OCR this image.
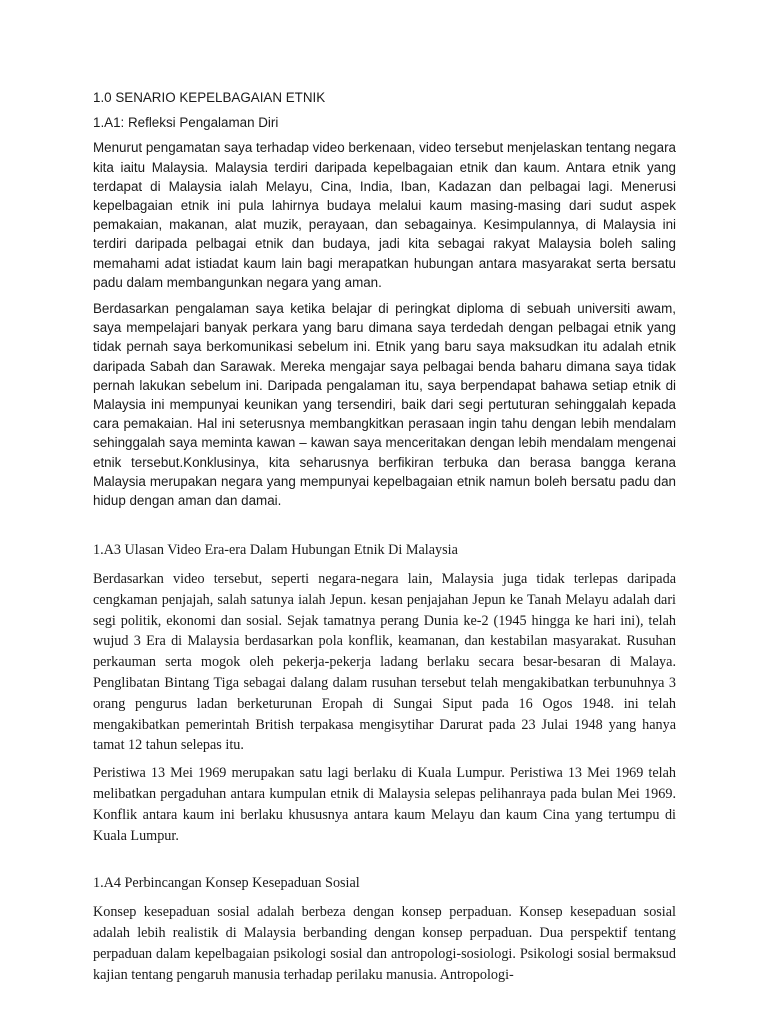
1.0 SENARIO KEPELBAGAIAN ETNIK

1.A1: Refleksi Pengalaman Diri

Menurut pengamatan saya terhadap video berkenaan, video tersebut menjelaskan tentang negara kita iaitu Malaysia. Malaysia terdiri daripada kepelbagaian etnik dan kaum. Antara etnik yang terdapat di Malaysia ialah Melayu, Cina, India, Iban, Kadazan dan pelbagai lagi. Menerusi kepelbagaian etnik ini pula lahirnya budaya melalui kaum masing-masing dari sudut aspek pemakaian, makanan, alat muzik, perayaan, dan sebagainya. Kesimpulannya, di Malaysia ini terdiri daripada pelbagai etnik dan budaya, jadi kita sebagai rakyat Malaysia boleh saling memahami adat istiadat kaum lain bagi merapatkan hubungan antara masyarakat serta bersatu padu dalam membangunkan negara yang aman.

Berdasarkan pengalaman saya ketika belajar di peringkat diploma di sebuah universiti awam, saya mempelajari banyak perkara yang baru dimana saya terdedah dengan pelbagai etnik yang tidak pernah saya berkomunikasi sebelum ini. Etnik yang baru saya maksudkan itu adalah etnik daripada Sabah dan Sarawak. Mereka mengajar saya pelbagai benda baharu dimana saya tidak pernah lakukan sebelum ini. Daripada pengalaman itu, saya berpendapat bahawa setiap etnik di Malaysia ini mempunyai keunikan yang tersendiri, baik dari segi pertuturan sehinggalah kepada cara pemakaian. Hal ini seterusnya membangkitkan perasaan ingin tahu dengan lebih mendalam sehinggalah saya meminta kawan – kawan saya menceritakan dengan lebih mendalam mengenai etnik tersebut.Konklusinya, kita seharusnya berfikiran terbuka dan berasa bangga kerana Malaysia merupakan negara yang mempunyai kepelbagaian etnik namun boleh bersatu padu dan hidup dengan aman dan damai.

1.A3 Ulasan Video Era-era Dalam Hubungan Etnik Di Malaysia

Berdasarkan video tersebut, seperti negara-negara lain, Malaysia juga tidak terlepas daripada cengkaman penjajah, salah satunya ialah Jepun. kesan penjajahan Jepun ke Tanah Melayu adalah dari segi politik, ekonomi dan sosial. Sejak tamatnya perang Dunia ke-2 (1945 hingga ke hari ini), telah wujud 3 Era di Malaysia berdasarkan pola konflik, keamanan, dan kestabilan masyarakat. Rusuhan perkauman serta mogok oleh pekerja-pekerja ladang berlaku secara besar-besaran di Malaya. Penglibatan Bintang Tiga sebagai dalang dalam rusuhan tersebut telah mengakibatkan terbunuhnya 3 orang pengurus ladan berketurunan Eropah di Sungai Siput pada 16 Ogos 1948. ini telah mengakibatkan pemerintah British terpakasa mengisytihar Darurat pada 23 Julai 1948 yang hanya tamat 12 tahun selepas itu.

Peristiwa 13 Mei 1969 merupakan satu lagi berlaku di Kuala Lumpur. Peristiwa 13 Mei 1969 telah melibatkan pergaduhan antara kumpulan etnik di Malaysia selepas pelihanraya pada bulan Mei 1969. Konflik antara kaum ini berlaku khususnya antara kaum Melayu dan kaum Cina yang tertumpu di Kuala Lumpur.

1.A4 Perbincangan Konsep Kesepaduan Sosial

Konsep kesepaduan sosial adalah berbeza dengan konsep perpaduan. Konsep kesepaduan sosial adalah lebih realistik di Malaysia berbanding dengan konsep perpaduan. Dua perspektif tentang perpaduan dalam kepelbagaian psikologi sosial dan antropologi-sosiologi. Psikologi sosial bermaksud kajian tentang pengaruh manusia terhadap perilaku manusia. Antropologi-
